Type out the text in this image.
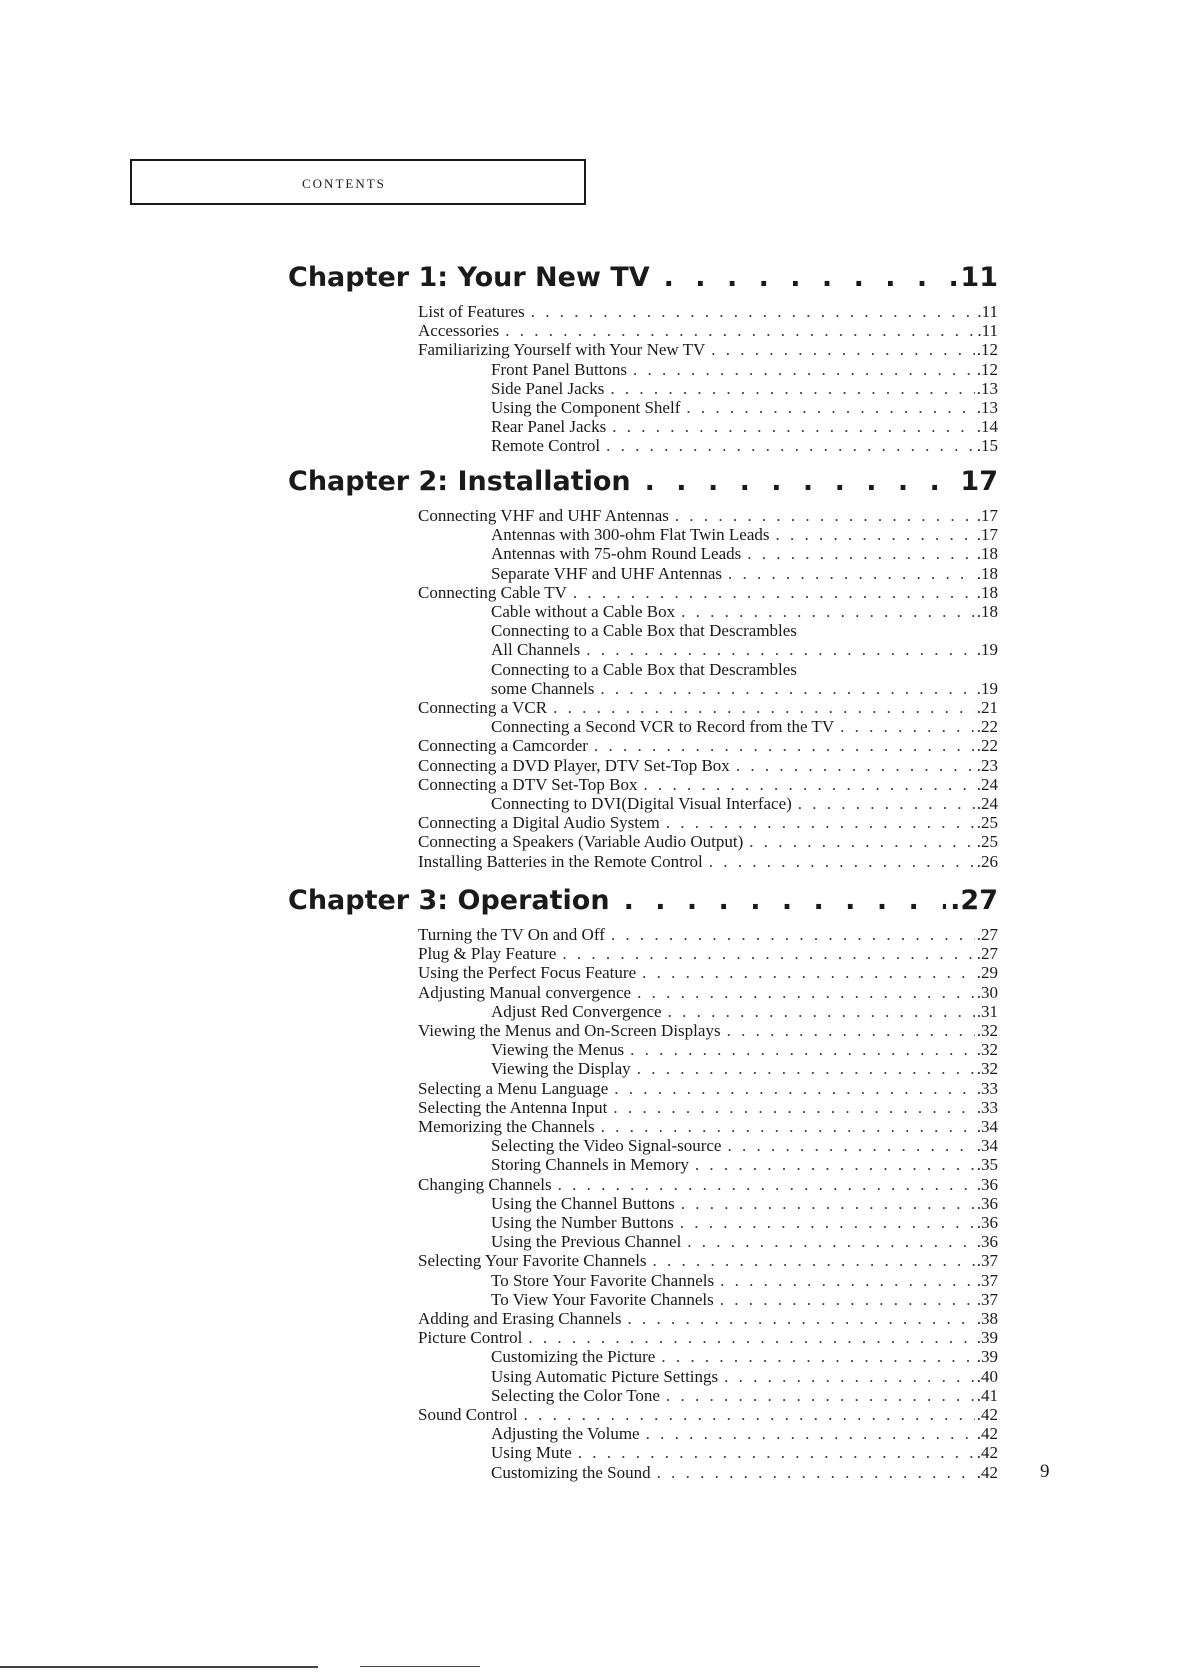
contents
Chapter 1: Your New TV . . .	11
List of Features . . .	.11
Accessories . . .	.11
Familiarizing Yourself with Your New TV . . .	.12
Front Panel Buttons . . .	.12
Side Panel Jacks . . .	.13
Using the Component Shelf . . .	.13
Rear Panel Jacks . . .	.14
Remote Control . . .	.15
Chapter 2: Installation . . .	17
Connecting VHF and UHF Antennas . . .	.17
Antennas with 300-ohm Flat Twin Leads . . .	.17
Antennas with 75-ohm Round Leads . . .	.18
Separate VHF and UHF Antennas . . .	.18
Connecting Cable TV . . .	.18
Cable without a Cable Box . . .	.18
Connecting to a Cable Box that Descrambles
All Channels . . .	.19
Connecting to a Cable Box that Descrambles
some Channels . . .	.19
Connecting a VCR . . .	.21
Connecting a Second VCR to Record from the TV . . .	.22
Connecting a Camcorder . . .	.22
Connecting a DVD Player, DTV Set-Top Box . . .	.23
Connecting a DTV Set-Top Box . . .	.24
Connecting to DVI(Digital Visual Interface) . . .	.24
Connecting a Digital Audio System . . .	.25
Connecting a Speakers (Variable Audio Output) . . .	.25
Installing Batteries in the Remote Control . . .	.26
Chapter 3: Operation . . .	.27
Turning the TV On and Off . . .	.27
Plug & Play Feature . . .	.27
Using the Perfect Focus Feature . . .	.29
Adjusting Manual convergence . . .	.30
Adjust Red Convergence . . .	.31
Viewing the Menus and On-Screen Displays . . .	.32
Viewing the Menus . . .	.32
Viewing the Display . . .	.32
Selecting a Menu Language . . .	.33
Selecting the Antenna Input . . .	.33
Memorizing the Channels . . .	.34
Selecting the Video Signal-source . . .	.34
Storing Channels in Memory . . .	.35
Changing Channels . . .	.36
Using the Channel Buttons . . .	.36
Using the Number Buttons . . .	.36
Using the Previous Channel . . .	.36
Selecting Your Favorite Channels . . .	.37
To Store Your Favorite Channels . . .	.37
To View Your Favorite Channels . . .	.37
Adding and Erasing Channels . . .	.38
Picture Control . . .	.39
Customizing the Picture . . .	.39
Using Automatic Picture Settings . . .	.40
Selecting the Color Tone . . .	.41
Sound Control . . .	.42
Adjusting the Volume . . .	.42
Using Mute . . .	.42
Customizing the Sound . . .	.42 9
